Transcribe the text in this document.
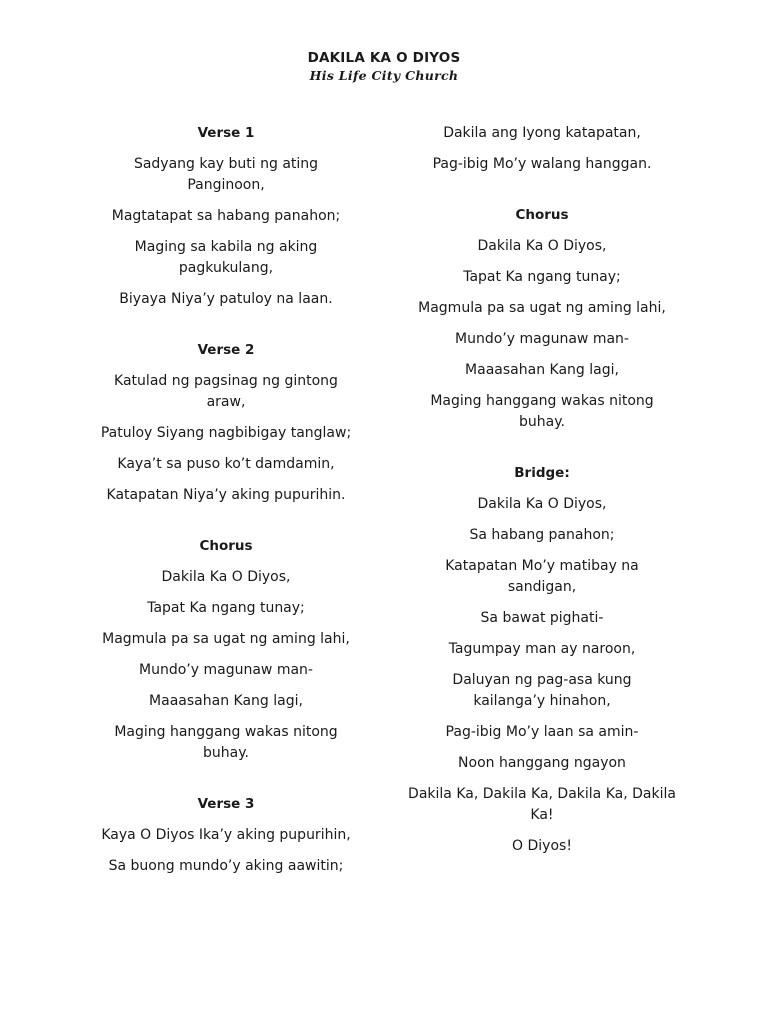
DAKILA KA O DIYOS
His Life City Church
Verse 1
Sadyang kay buti ng ating Panginoon,
Magtatapat sa habang panahon;
Maging sa kabila ng aking pagkukulang,
Biyaya Niya’y patuloy na laan.
Verse 2
Katulad ng pagsinag ng gintong araw,
Patuloy Siyang nagbibigay tanglaw;
Kaya’t sa puso ko’t damdamin,
Katapatan Niya’y aking pupurihin.
Chorus
Dakila Ka O Diyos,
Tapat Ka ngang tunay;
Magmula pa sa ugat ng aming lahi,
Mundo’y magunaw man-
Maaasahan Kang lagi,
Maging hanggang wakas nitong buhay.
Verse 3
Kaya O Diyos Ika’y aking pupurihin,
Sa buong mundo’y aking aawitin;
Dakila ang Iyong katapatan,
Pag-ibig Mo’y walang hanggan.
Chorus
Dakila Ka O Diyos,
Tapat Ka ngang tunay;
Magmula pa sa ugat ng aming lahi,
Mundo’y magunaw man-
Maaasahan Kang lagi,
Maging hanggang wakas nitong buhay.
Bridge:
Dakila Ka O Diyos,
Sa habang panahon;
Katapatan Mo’y matibay na sandigan,
Sa bawat pighati-
Tagumpay man ay naroon,
Daluyan ng pag-asa kung kailanga’y hinahon,
Pag-ibig Mo’y laan sa amin-
Noon hanggang ngayon
Dakila Ka, Dakila Ka, Dakila Ka, Dakila Ka!
O Diyos!
